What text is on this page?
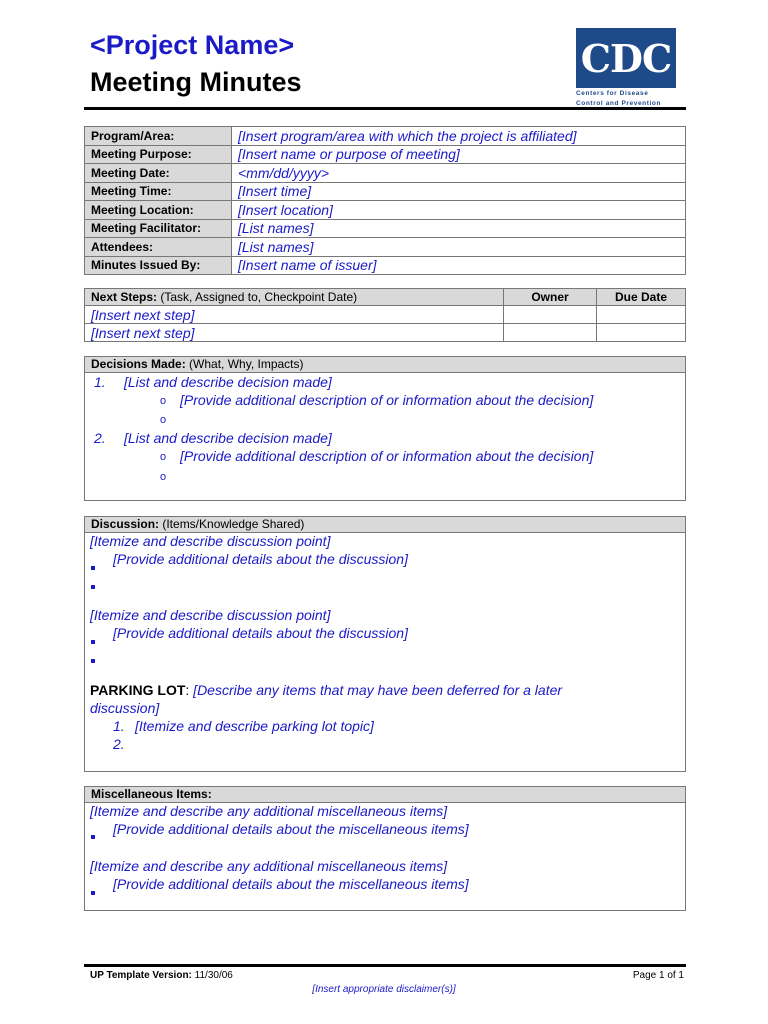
<Project Name>
Meeting Minutes
CDC
Centers for Disease
Control and Prevention
Program/Area:	[Insert program/area with which the project is affiliated]
Meeting Purpose:	[Insert name or purpose of meeting]
Meeting Date:	<mm/dd/yyyy>
Meeting Time:	[Insert time]
Meeting Location:	[Insert location]
Meeting Facilitator:	[List names]
Attendees:	[List names]
Minutes Issued By:	[Insert name of issuer]
Next Steps: (Task, Assigned to, Checkpoint Date)	Owner	Due Date
[Insert next step]		
[Insert next step]		
Decisions Made: (What, Why, Impacts)
1. [List and describe decision made]
o [Provide additional description of or information about the decision]
o
2. [List and describe decision made]
o [Provide additional description of or information about the decision]
o
Discussion: (Items/Knowledge Shared)
[Itemize and describe discussion point]
[Provide additional details about the discussion]
[Itemize and describe discussion point]
[Provide additional details about the discussion]
PARKING LOT: [Describe any items that may have been deferred for a later
discussion]
1. [Itemize and describe parking lot topic]
2.
Miscellaneous Items:
[Itemize and describe any additional miscellaneous items]
[Provide additional details about the miscellaneous items]
[Itemize and describe any additional miscellaneous items]
[Provide additional details about the miscellaneous items]
UP Template Version: 11/30/06	Page 1 of 1
[Insert appropriate disclaimer(s)]
